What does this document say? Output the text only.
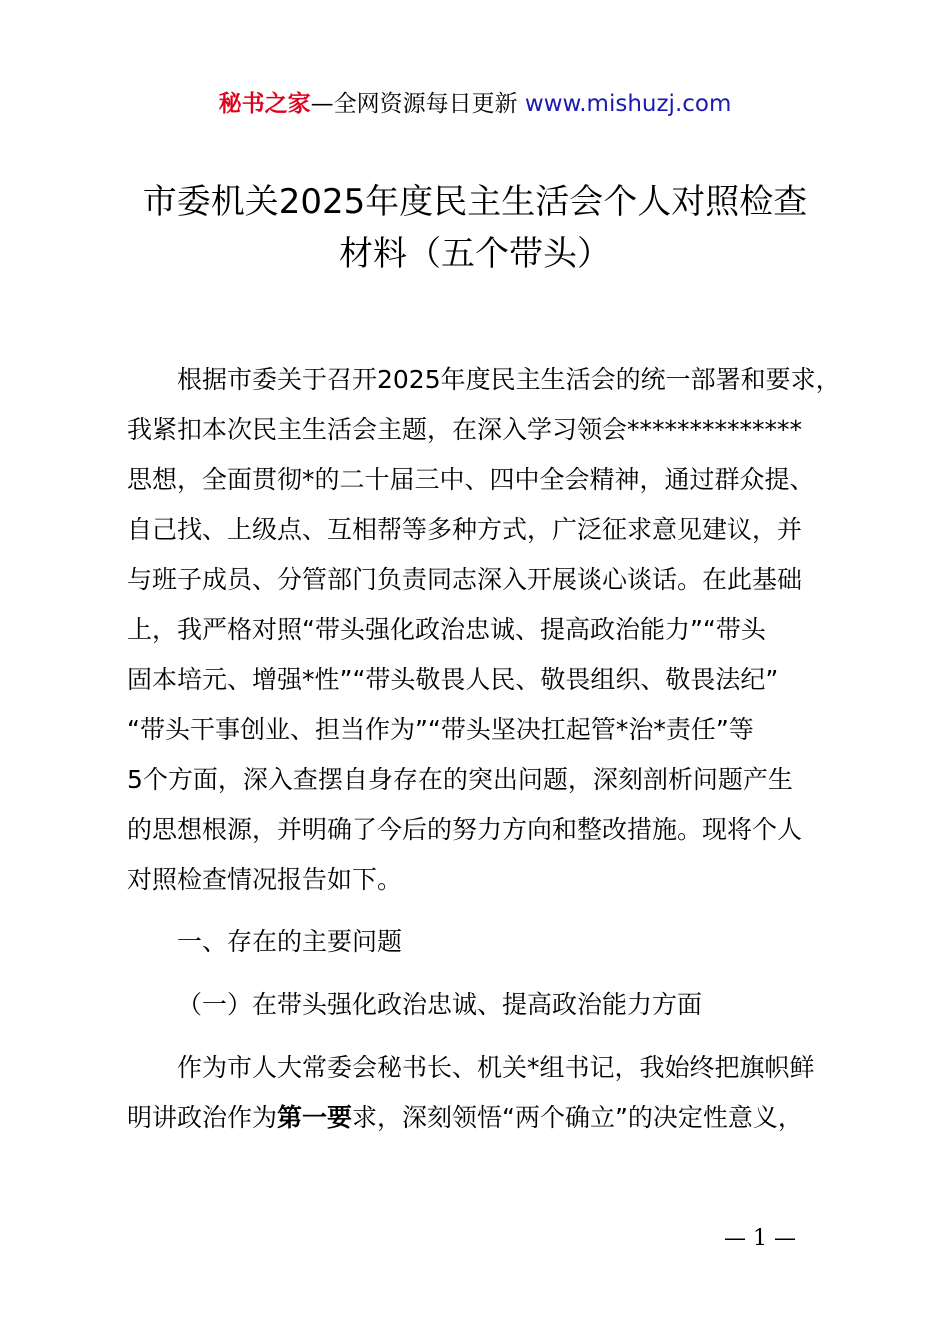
秘书之家—全网资源每日更新 www.mishuzj.com
市委机关2025年度民主生活会个人对照检查
材料（五个带头）
根据市委关于召开2025年度民主生活会的统一部署和要求，
我紧扣本次民主生活会主题，在深入学习领会**************
思想，全面贯彻*的二十届三中、四中全会精神，通过群众提、
自己找、上级点、互相帮等多种方式，广泛征求意见建议，并
与班子成员、分管部门负责同志深入开展谈心谈话。在此基础
上，我严格对照“带头强化政治忠诚、提高政治能力”“带头
固本培元、增强*性”“带头敬畏人民、敬畏组织、敬畏法纪”
“带头干事创业、担当作为”“带头坚决扛起管*治*责任”等
5个方面，深入查摆自身存在的突出问题，深刻剖析问题产生
的思想根源，并明确了今后的努力方向和整改措施。现将个人
对照检查情况报告如下。
一、存在的主要问题
（一）在带头强化政治忠诚、提高政治能力方面
作为市人大常委会秘书长、机关*组书记，我始终把旗帜鲜
明讲政治作为第一要求，深刻领悟“两个确立”的决定性意义，
— 1 —
